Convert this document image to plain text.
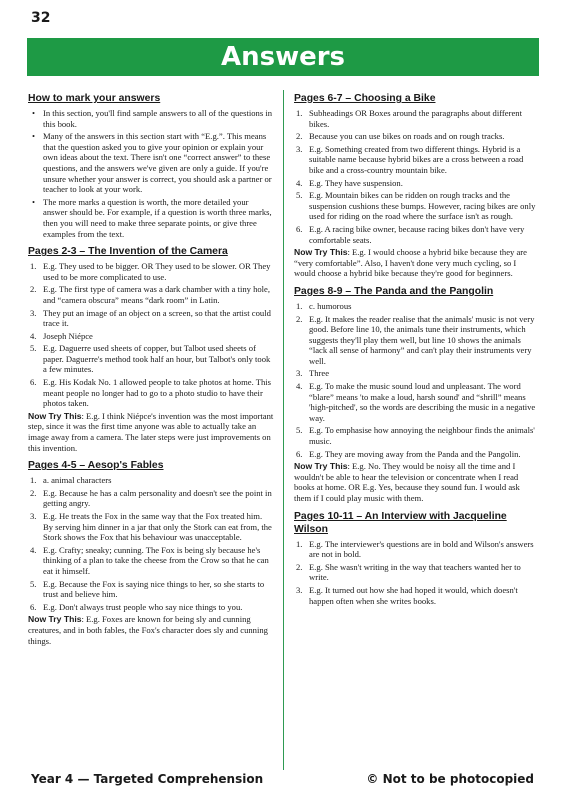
32
Answers
How to mark your answers
• In this section, you'll find sample answers to all of the questions in this book.
• Many of the answers in this section start with “E.g.”. This means that the question asked you to give your opinion or explain your own ideas about the text. There isn't one “correct answer” to these questions, and the answers we've given are only a guide. If you're unsure whether your answer is correct, you should ask a partner or teacher to look at your work.
• The more marks a question is worth, the more detailed your answer should be. For example, if a question is worth three marks, then you will need to make three separate points, or give three examples from the text.
Pages 2-3 – The Invention of the Camera
1. E.g. They used to be bigger. OR They used to be slower. OR They used to be more complicated to use.
2. E.g. The first type of camera was a dark chamber with a tiny hole, and “camera obscura” means “dark room” in Latin.
3. They put an image of an object on a screen, so that the artist could trace it.
4. Joseph Niépce
5. E.g. Daguerre used sheets of copper, but Talbot used sheets of paper. Daguerre's method took half an hour, but Talbot's only took a few minutes.
6. E.g. His Kodak No. 1 allowed people to take photos at home. This meant people no longer had to go to a photo studio to have their photos taken.
Now Try This: E.g. I think Niépce's invention was the most important step, since it was the first time anyone was able to actually take an image away from a camera. The later steps were just improvements on this invention.
Pages 4-5 – Aesop's Fables
1. a. animal characters
2. E.g. Because he has a calm personality and doesn't see the point in getting angry.
3. E.g. He treats the Fox in the same way that the Fox treated him. By serving him dinner in a jar that only the Stork can eat from, the Stork shows the Fox that his behaviour was unacceptable.
4. E.g. Crafty; sneaky; cunning. The Fox is being sly because he's thinking of a plan to take the cheese from the Crow so that he can eat it himself.
5. E.g. Because the Fox is saying nice things to her, so she starts to trust and believe him.
6. E.g. Don't always trust people who say nice things to you.
Now Try This: E.g. Foxes are known for being sly and cunning creatures, and in both fables, the Fox's character does sly and cunning things.
Pages 6-7 – Choosing a Bike
1. Subheadings OR Boxes around the paragraphs about different bikes.
2. Because you can use bikes on roads and on rough tracks.
3. E.g. Something created from two different things. Hybrid is a suitable name because hybrid bikes are a cross between a road bike and a cross-country mountain bike.
4. E.g. They have suspension.
5. E.g. Mountain bikes can be ridden on rough tracks and the suspension cushions these bumps. However, racing bikes are only used for riding on the road where the surface isn't as rough.
6. E.g. A racing bike owner, because racing bikes don't have very comfortable seats.
Now Try This: E.g. I would choose a hybrid bike because they are “very comfortable”. Also, I haven't done very much cycling, so I would choose a hybrid bike because they're good for beginners.
Pages 8-9 – The Panda and the Pangolin
1. c. humorous
2. E.g. It makes the reader realise that the animals' music is not very good. Before line 10, the animals tune their instruments, which suggests they'll play them well, but line 10 shows the animals “lack all sense of harmony” and can't play their instruments very well.
3. Three
4. E.g. To make the music sound loud and unpleasant. The word “blare” means 'to make a loud, harsh sound' and “shrill” means 'high-pitched', so the words are describing the music in a negative way.
5. E.g. To emphasise how annoying the neighbour finds the animals' music.
6. E.g. They are moving away from the Panda and the Pangolin.
Now Try This: E.g. No. They would be noisy all the time and I wouldn't be able to hear the television or concentrate when I read books at home. OR E.g. Yes, because they sound fun. I would ask them if I could play music with them.
Pages 10-11 – An Interview with Jacqueline Wilson
1. E.g. The interviewer's questions are in bold and Wilson's answers are not in bold.
2. E.g. She wasn't writing in the way that teachers wanted her to write.
3. E.g. It turned out how she had hoped it would, which doesn't happen often when she writes books.
Year 4 — Targeted Comprehension	© Not to be photocopied
